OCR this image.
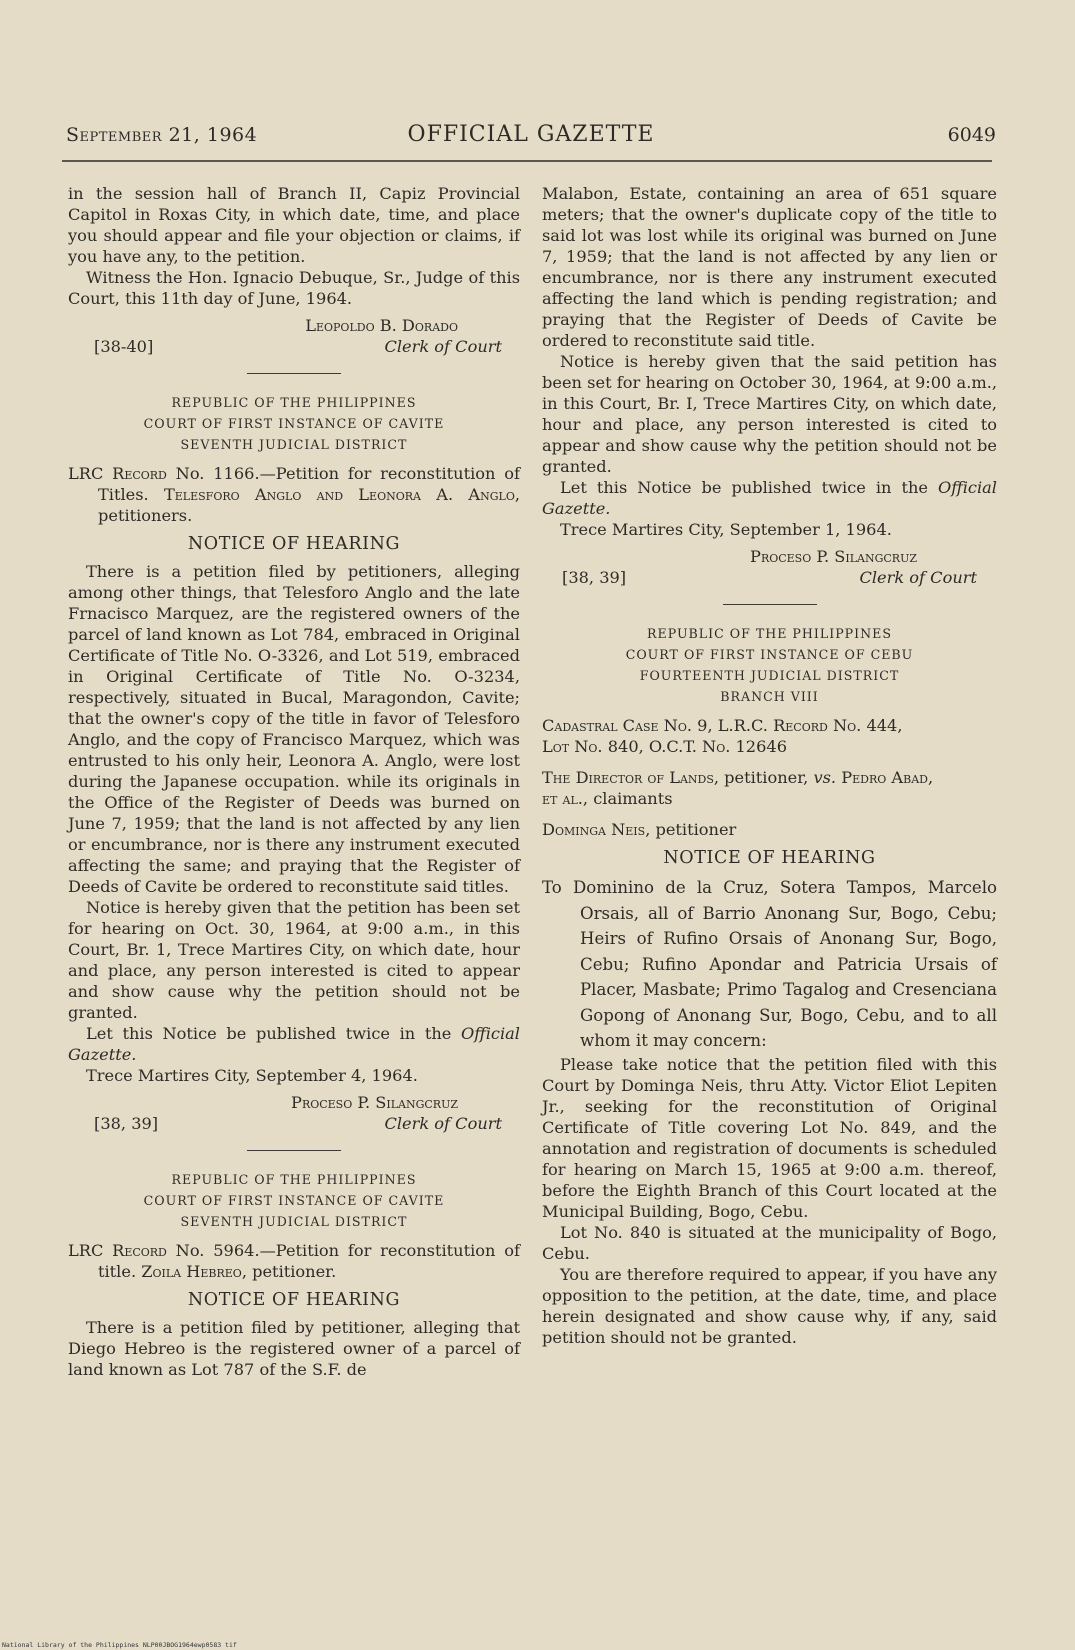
September 21, 1964	OFFICIAL GAZETTE	6049

in the session hall of Branch II, Capiz Provincial Capitol in Roxas City, in which date, time, and place you should appear and file your objection or claims, if you have any, to the petition.

Witness the Hon. Ignacio Debuque, Sr., Judge of this Court, this 11th day of June, 1964.

Leopoldo B. Dorado
[38-40]	Clerk of Court
REPUBLIC OF THE PHILIPPINES
COURT OF FIRST INSTANCE OF CAVITE
SEVENTH JUDICIAL DISTRICT

LRC Record No. 1166.—Petition for reconstitution of Titles. Telesforo Anglo and Leonora A. Anglo, petitioners.

NOTICE OF HEARING

There is a petition filed by petitioners, alleging among other things, that Telesforo Anglo and the late Frnacisco Marquez, are the registered owners of the parcel of land known as Lot 784, embraced in Original Certificate of Title No. O-3326, and Lot 519, embraced in Original Certificate of Title No. O-3234, respectively, situated in Bucal, Maragondon, Cavite; that the owner's copy of the title in favor of Telesforo Anglo, and the copy of Francisco Marquez, which was entrusted to his only heir, Leonora A. Anglo, were lost during the Japanese occupation. while its originals in the Office of the Register of Deeds was burned on June 7, 1959; that the land is not affected by any lien or encumbrance, nor is there any instrument executed affecting the same; and praying that the Register of Deeds of Cavite be ordered to reconstitute said titles.

Notice is hereby given that the petition has been set for hearing on Oct. 30, 1964, at 9:00 a.m., in this Court, Br. 1, Trece Martires City, on which date, hour and place, any person interested is cited to appear and show cause why the petition should not be granted.

Let this Notice be published twice in the Official Gazette.

Trece Martires City, September 4, 1964.

Proceso P. Silangcruz
[38, 39]	Clerk of Court
REPUBLIC OF THE PHILIPPINES
COURT OF FIRST INSTANCE OF CAVITE
SEVENTH JUDICIAL DISTRICT

LRC Record No. 5964.—Petition for reconstitution of title. Zoila Hebreo, petitioner.

NOTICE OF HEARING

There is a petition filed by petitioner, alleging that Diego Hebreo is the registered owner of a parcel of land known as Lot 787 of the S.F. de

Malabon, Estate, containing an area of 651 square meters; that the owner's duplicate copy of the title to said lot was lost while its original was burned on June 7, 1959; that the land is not affected by any lien or encumbrance, nor is there any instrument executed affecting the land which is pending registration; and praying that the Register of Deeds of Cavite be ordered to reconstitute said title.

Notice is hereby given that the said petition has been set for hearing on October 30, 1964, at 9:00 a.m., in this Court, Br. I, Trece Martires City, on which date, hour and place, any person interested is cited to appear and show cause why the petition should not be granted.

Let this Notice be published twice in the Official Gazette.

Trece Martires City, September 1, 1964.

Proceso P. Silangcruz
[38, 39]	Clerk of Court
REPUBLIC OF THE PHILIPPINES
COURT OF FIRST INSTANCE OF CEBU
FOURTEENTH JUDICIAL DISTRICT
BRANCH VIII

Cadastral Case No. 9, L.R.C. Record No. 444,

Lot No. 840, O.C.T. No. 12646

The Director of Lands, petitioner, vs. Pedro Abad,

et al., claimants

Dominga Neis, petitioner

NOTICE OF HEARING

To Dominino de la Cruz, Sotera Tampos, Marcelo Orsais, all of Barrio Anonang Sur, Bogo, Cebu; Heirs of Rufino Orsais of Anonang Sur, Bogo, Cebu; Rufino Apondar and Patricia Ursais of Placer, Masbate; Primo Tagalog and Cresenciana Gopong of Anonang Sur, Bogo, Cebu, and to all whom it may concern:

Please take notice that the petition filed with this Court by Dominga Neis, thru Atty. Victor Eliot Lepiten Jr., seeking for the reconstitution of Original Certificate of Title covering Lot No. 849, and the annotation and registration of documents is scheduled for hearing on March 15, 1965 at 9:00 a.m. thereof, before the Eighth Branch of this Court located at the Municipal Building, Bogo, Cebu.

Lot No. 840 is situated at the municipality of Bogo, Cebu.

You are therefore required to appear, if you have any opposition to the petition, at the date, time, and place herein designated and show cause why, if any, said petition should not be granted.

National Library of the Philippines NLP00JBOG1964ewp0583 tif
